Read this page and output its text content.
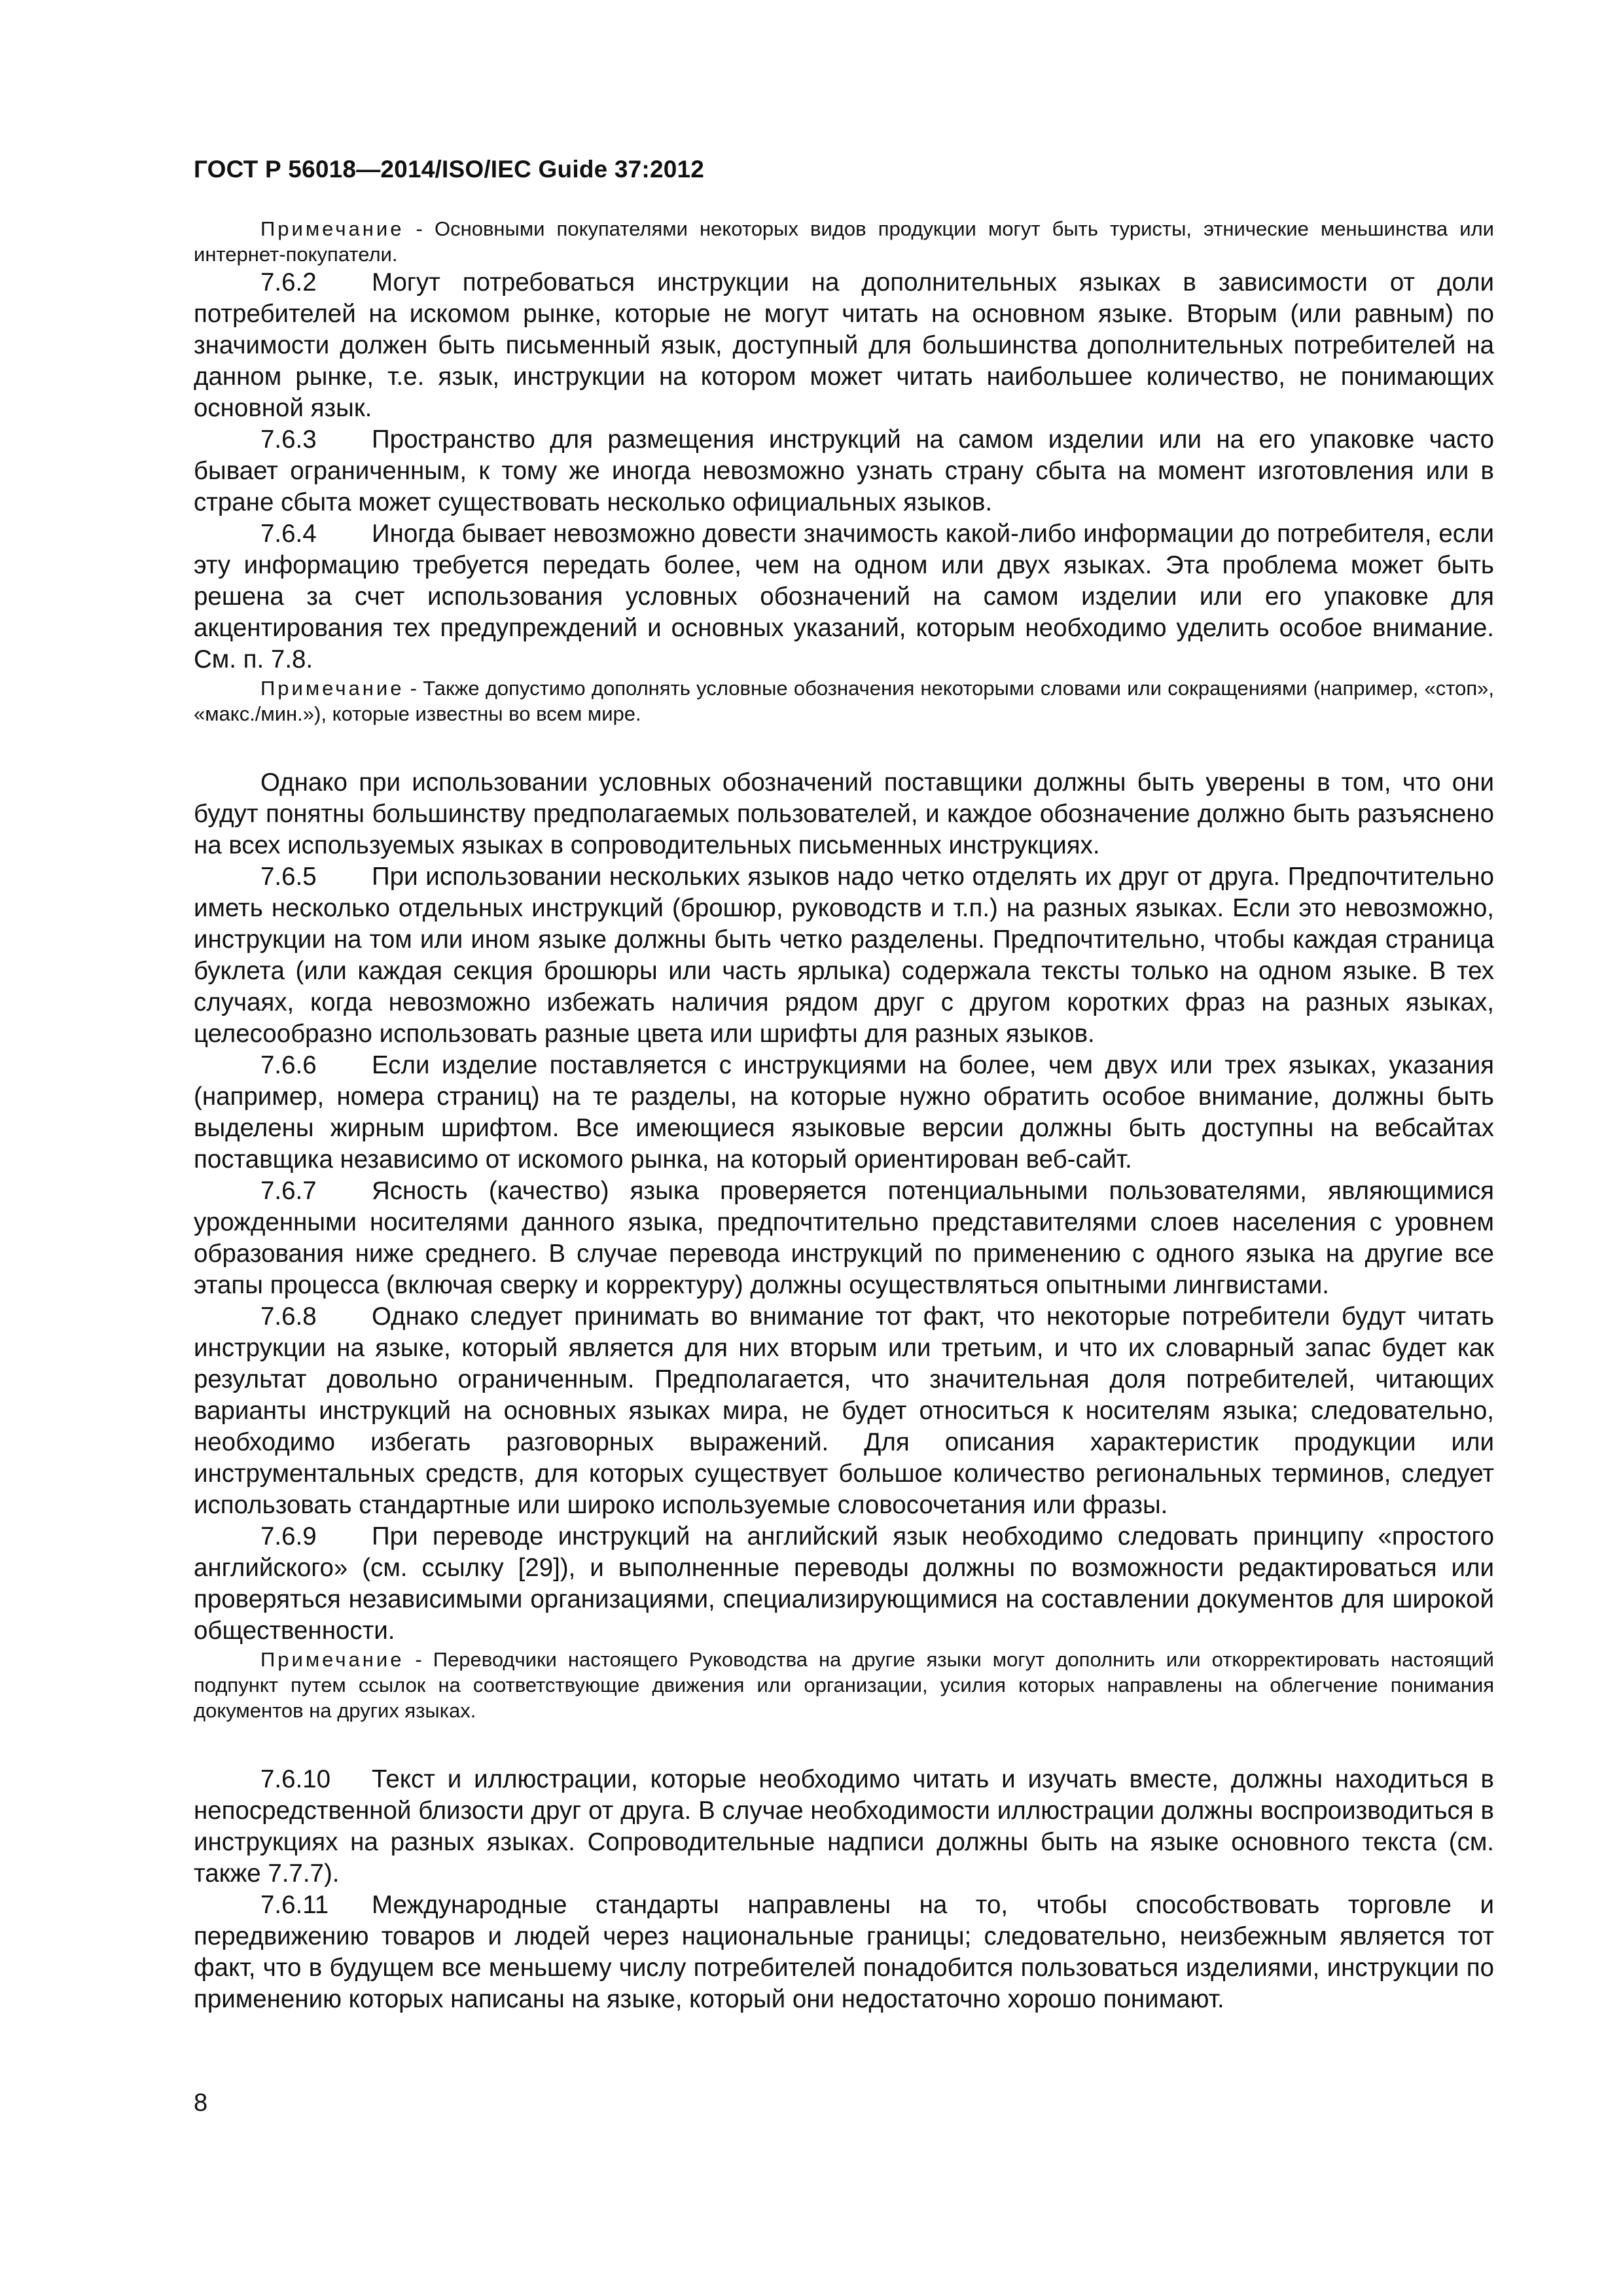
ГОСТ Р 56018—2014/ISO/IEC Guide 37:2012

Примечание - Основными покупателями некоторых видов продукции могут быть туристы, этнические меньшинства или интернет-покупатели.

7.6.2 Могут потребоваться инструкции на дополнительных языках в зависимости от доли потребителей на искомом рынке, которые не могут читать на основном языке. Вторым (или равным) по значимости должен быть письменный язык, доступный для большинства дополнительных потребителей на данном рынке, т.е. язык, инструкции на котором может читать наибольшее количество, не понимающих основной язык.

7.6.3 Пространство для размещения инструкций на самом изделии или на его упаковке часто бывает ограниченным, к тому же иногда невозможно узнать страну сбыта на момент изготовления или в стране сбыта может существовать несколько официальных языков.

7.6.4 Иногда бывает невозможно довести значимость какой-либо информации до потребителя, если эту информацию требуется передать более, чем на одном или двух языках. Эта проблема может быть решена за счет использования условных обозначений на самом изделии или его упаковке для акцентирования тех предупреждений и основных указаний, которым необходимо уделить особое внимание. См. п. 7.8.

Примечание - Также допустимо дополнять условные обозначения некоторыми словами или сокращениями (например, «стоп», «макс./мин.»), которые известны во всем мире.

Однако при использовании условных обозначений поставщики должны быть уверены в том, что они будут понятны большинству предполагаемых пользователей, и каждое обозначение должно быть разъяснено на всех используемых языках в сопроводительных письменных инструкциях.

7.6.5 При использовании нескольких языков надо четко отделять их друг от друга. Предпочтительно иметь несколько отдельных инструкций (брошюр, руководств и т.п.) на разных языках. Если это невозможно, инструкции на том или ином языке должны быть четко разделены. Предпочтительно, чтобы каждая страница буклета (или каждая секция брошюры или часть ярлыка) содержала тексты только на одном языке. В тех случаях, когда невозможно избежать наличия рядом друг с другом коротких фраз на разных языках, целесообразно использовать разные цвета или шрифты для разных языков.

7.6.6 Если изделие поставляется с инструкциями на более, чем двух или трех языках, указания (например, номера страниц) на те разделы, на которые нужно обратить особое внимание, должны быть выделены жирным шрифтом. Все имеющиеся языковые версии должны быть доступны на вебсайтах поставщика независимо от искомого рынка, на который ориентирован веб-сайт.

7.6.7 Ясность (качество) языка проверяется потенциальными пользователями, являющимися урожденными носителями данного языка, предпочтительно представителями слоев населения с уровнем образования ниже среднего. В случае перевода инструкций по применению с одного языка на другие все этапы процесса (включая сверку и корректуру) должны осуществляться опытными лингвистами.

7.6.8 Однако следует принимать во внимание тот факт, что некоторые потребители будут читать инструкции на языке, который является для них вторым или третьим, и что их словарный запас будет как результат довольно ограниченным. Предполагается, что значительная доля потребителей, читающих варианты инструкций на основных языках мира, не будет относиться к носителям языка; следовательно, необходимо избегать разговорных выражений. Для описания характеристик продукции или инструментальных средств, для которых существует большое количество региональных терминов, следует использовать стандартные или широко используемые словосочетания или фразы.

7.6.9 При переводе инструкций на английский язык необходимо следовать принципу «простого английского» (см. ссылку [29]), и выполненные переводы должны по возможности редактироваться или проверяться независимыми организациями, специализирующимися на составлении документов для широкой общественности.

Примечание - Переводчики настоящего Руководства на другие языки могут дополнить или откорректировать настоящий подпункт путем ссылок на соответствующие движения или организации, усилия которых направлены на облегчение понимания документов на других языках.

7.6.10 Текст и иллюстрации, которые необходимо читать и изучать вместе, должны находиться в непосредственной близости друг от друга. В случае необходимости иллюстрации должны воспроизводиться в инструкциях на разных языках. Сопроводительные надписи должны быть на языке основного текста (см. также 7.7.7).

7.6.11 Международные стандарты направлены на то, чтобы способствовать торговле и передвижению товаров и людей через национальные границы; следовательно, неизбежным является тот факт, что в будущем все меньшему числу потребителей понадобится пользоваться изделиями, инструкции по применению которых написаны на языке, который они недостаточно хорошо понимают.

8
